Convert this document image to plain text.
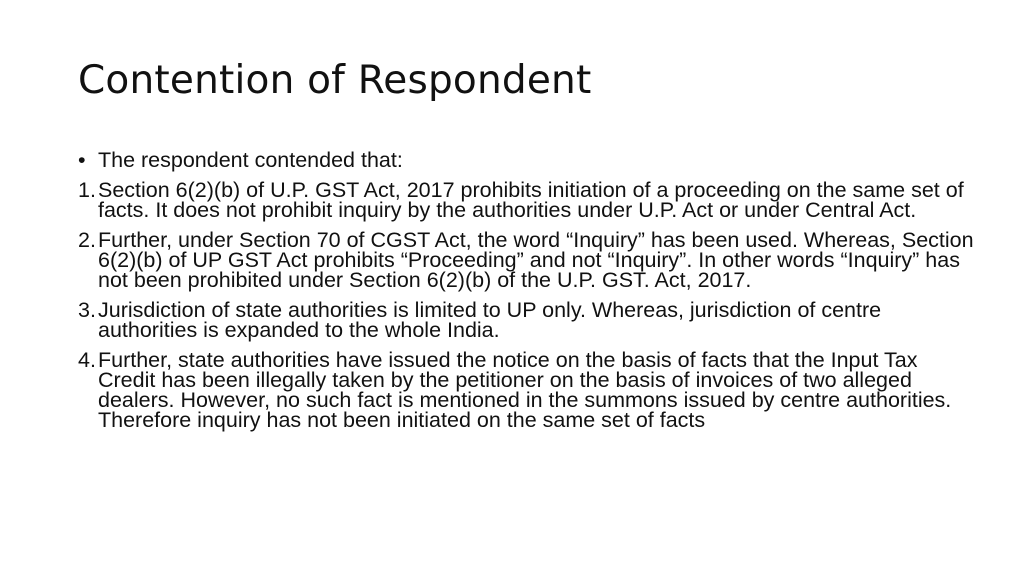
Contention of Respondent
• The respondent contended that:
1. Section 6(2)(b) of U.P. GST Act, 2017 prohibits initiation of a proceeding on the same set of facts. It does not prohibit inquiry by the authorities under U.P. Act or under Central Act.
2. Further, under Section 70 of CGST Act, the word “Inquiry” has been used. Whereas, Section 6(2)(b) of UP GST Act prohibits “Proceeding” and not “Inquiry”. In other words “Inquiry” has not been prohibited under Section 6(2)(b) of the U.P. GST. Act, 2017.
3. Jurisdiction of state authorities is limited to UP only. Whereas, jurisdiction of centre authorities is expanded to the whole India.
4. Further, state authorities have issued the notice on the basis of facts that the Input Tax Credit has been illegally taken by the petitioner on the basis of invoices of two alleged dealers. However, no such fact is mentioned in the summons issued by centre authorities. Therefore inquiry has not been initiated on the same set of facts
